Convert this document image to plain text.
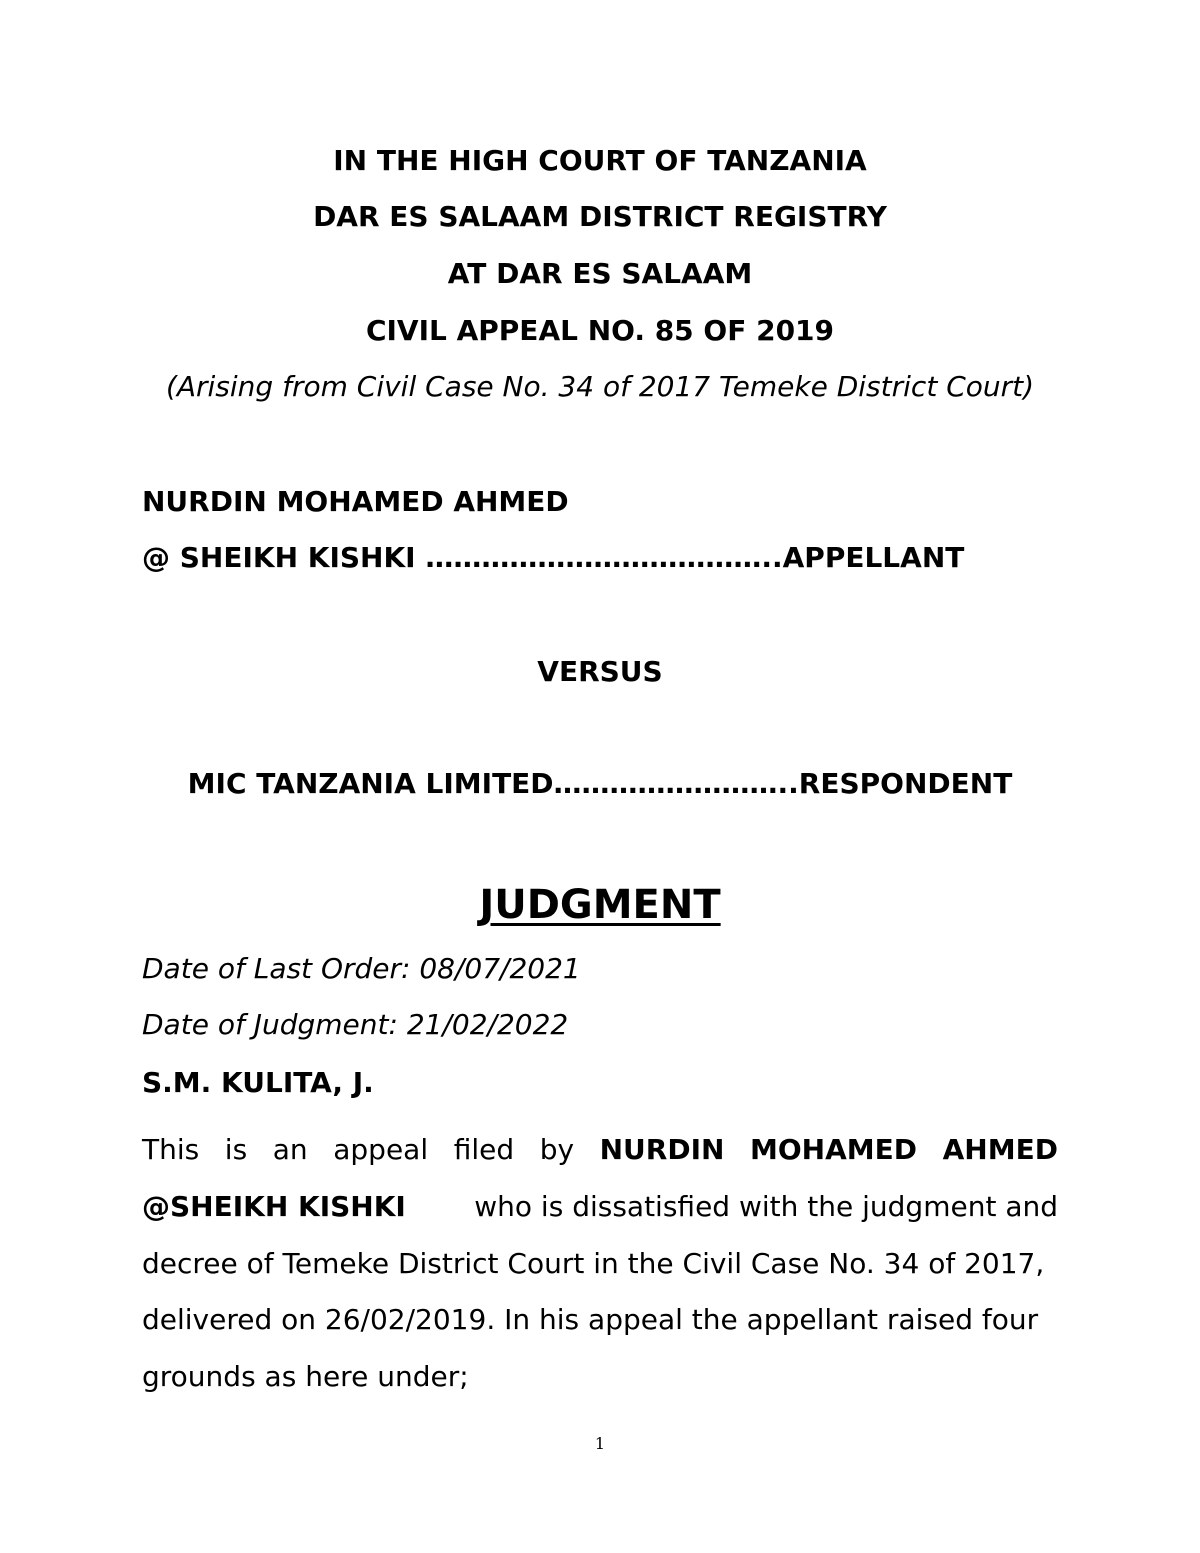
IN THE HIGH COURT OF TANZANIA
DAR ES SALAAM DISTRICT REGISTRY
AT DAR ES SALAAM
CIVIL APPEAL NO. 85 OF 2019
(Arising from Civil Case No. 34 of 2017 Temeke District Court)
NURDIN MOHAMED AHMED
@ SHEIKH KISHKI ………………………………..APPELLANT
VERSUS
MIC TANZANIA LIMITED……………………..RESPONDENT
JUDGMENT
Date of Last Order: 08/07/2021
Date of Judgment: 21/02/2022
S.M. KULITA, J.
This is an appeal filed by NURDIN MOHAMED AHMED
@SHEIKH KISHKI who is dissatisfied with the judgment and
decree of Temeke District Court in the Civil Case No. 34 of 2017,
delivered on 26/02/2019. In his appeal the appellant raised four
grounds as here under;
1
